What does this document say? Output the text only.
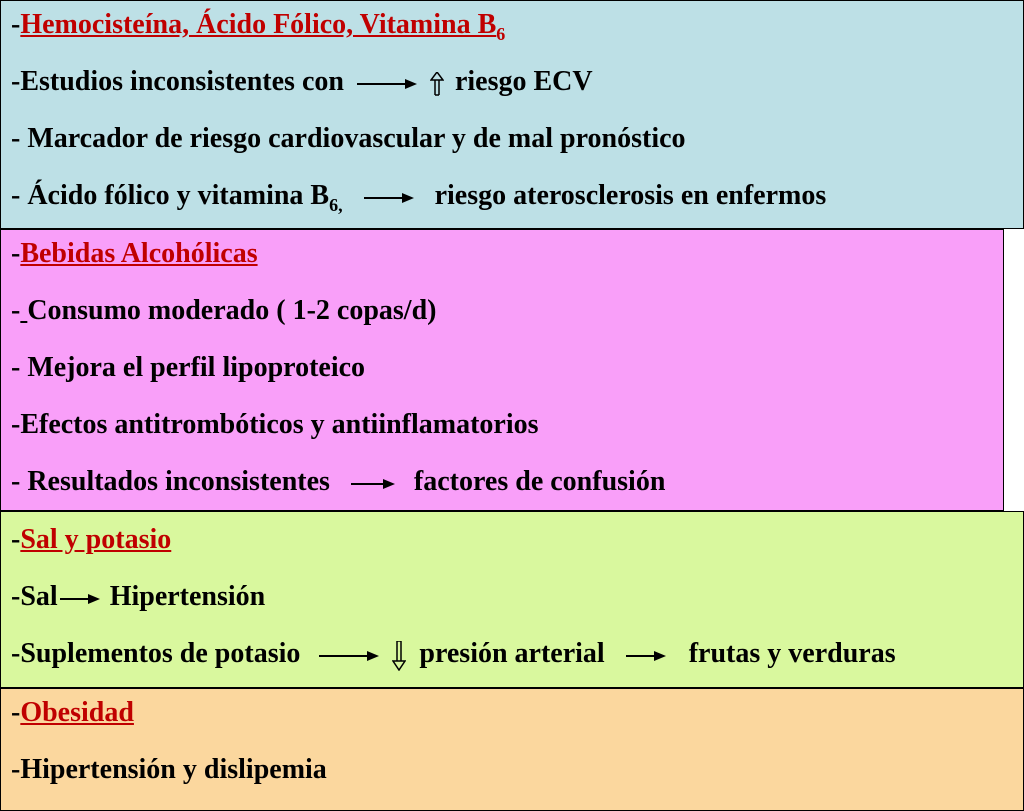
-Hemocisteína, Ácido Fólico, Vitamina $B_6$
-Estudios inconsistentes con	riesgo ECV
- Marcador de riesgo cardiovascular y de mal pronóstico
- Ácido fólico y vitamina $B_{6,}$	riesgo aterosclerosis en enfermos
-Bebidas Alcohólicas
- Consumo moderado ( 1-2 copas/d)
- Mejora el perfil lipoproteico
-Efectos antitrombóticos y antiinflamatorios
- Resultados inconsistentes	factores de confusión
-Sal y potasio
-Sal Hipertensión
-Suplementos de potasio	presión arterial	frutas y verduras
-Obesidad
-Hipertensión y dislipemia
